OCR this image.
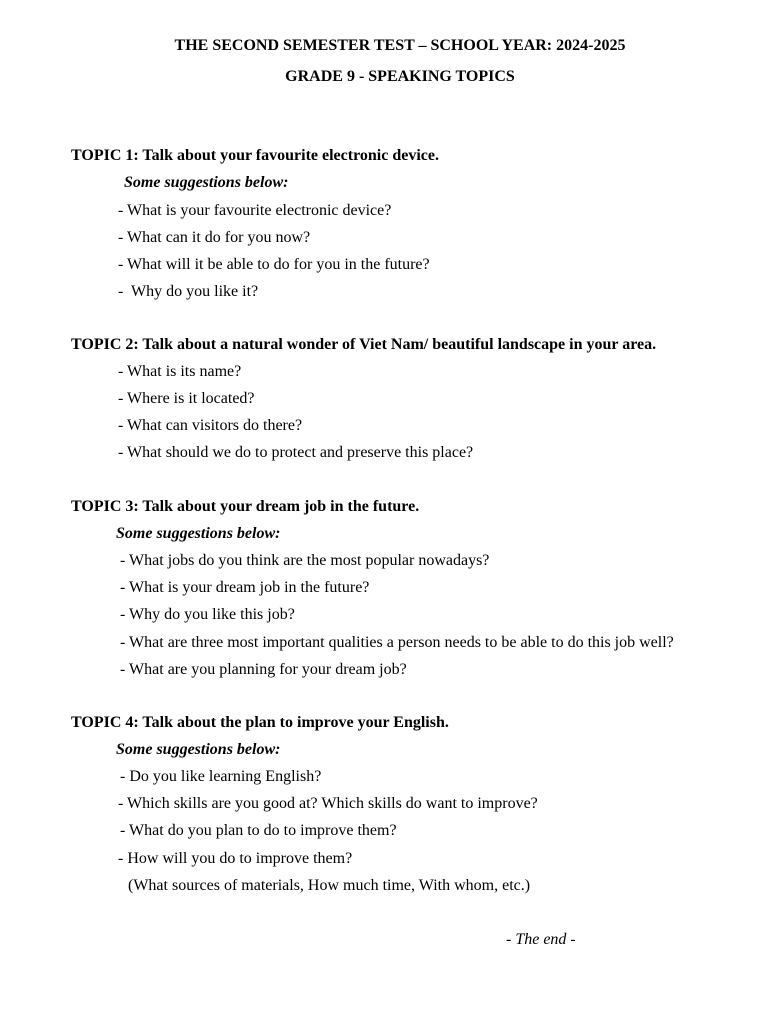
THE SECOND SEMESTER TEST – SCHOOL YEAR: 2024-2025
GRADE 9 - SPEAKING TOPICS
TOPIC 1: Talk about your favourite electronic device.
Some suggestions below:
- What is your favourite electronic device?
- What can it do for you now?
- What will it be able to do for you in the future?
-  Why do you like it?
TOPIC 2: Talk about a natural wonder of Viet Nam/ beautiful landscape in your area.
- What is its name?
- Where is it located?
- What can visitors do there?
- What should we do to protect and preserve this place?
TOPIC 3: Talk about your dream job in the future.
Some suggestions below:
- What jobs do you think are the most popular nowadays?
- What is your dream job in the future?
- Why do you like this job?
- What are three most important qualities a person needs to be able to do this job well?
- What are you planning for your dream job?
TOPIC 4: Talk about the plan to improve your English.
Some suggestions below:
- Do you like learning English?
- Which skills are you good at? Which skills do want to improve?
- What do you plan to do to improve them?
- How will you do to improve them?
(What sources of materials, How much time, With whom, etc.)
- The end -
